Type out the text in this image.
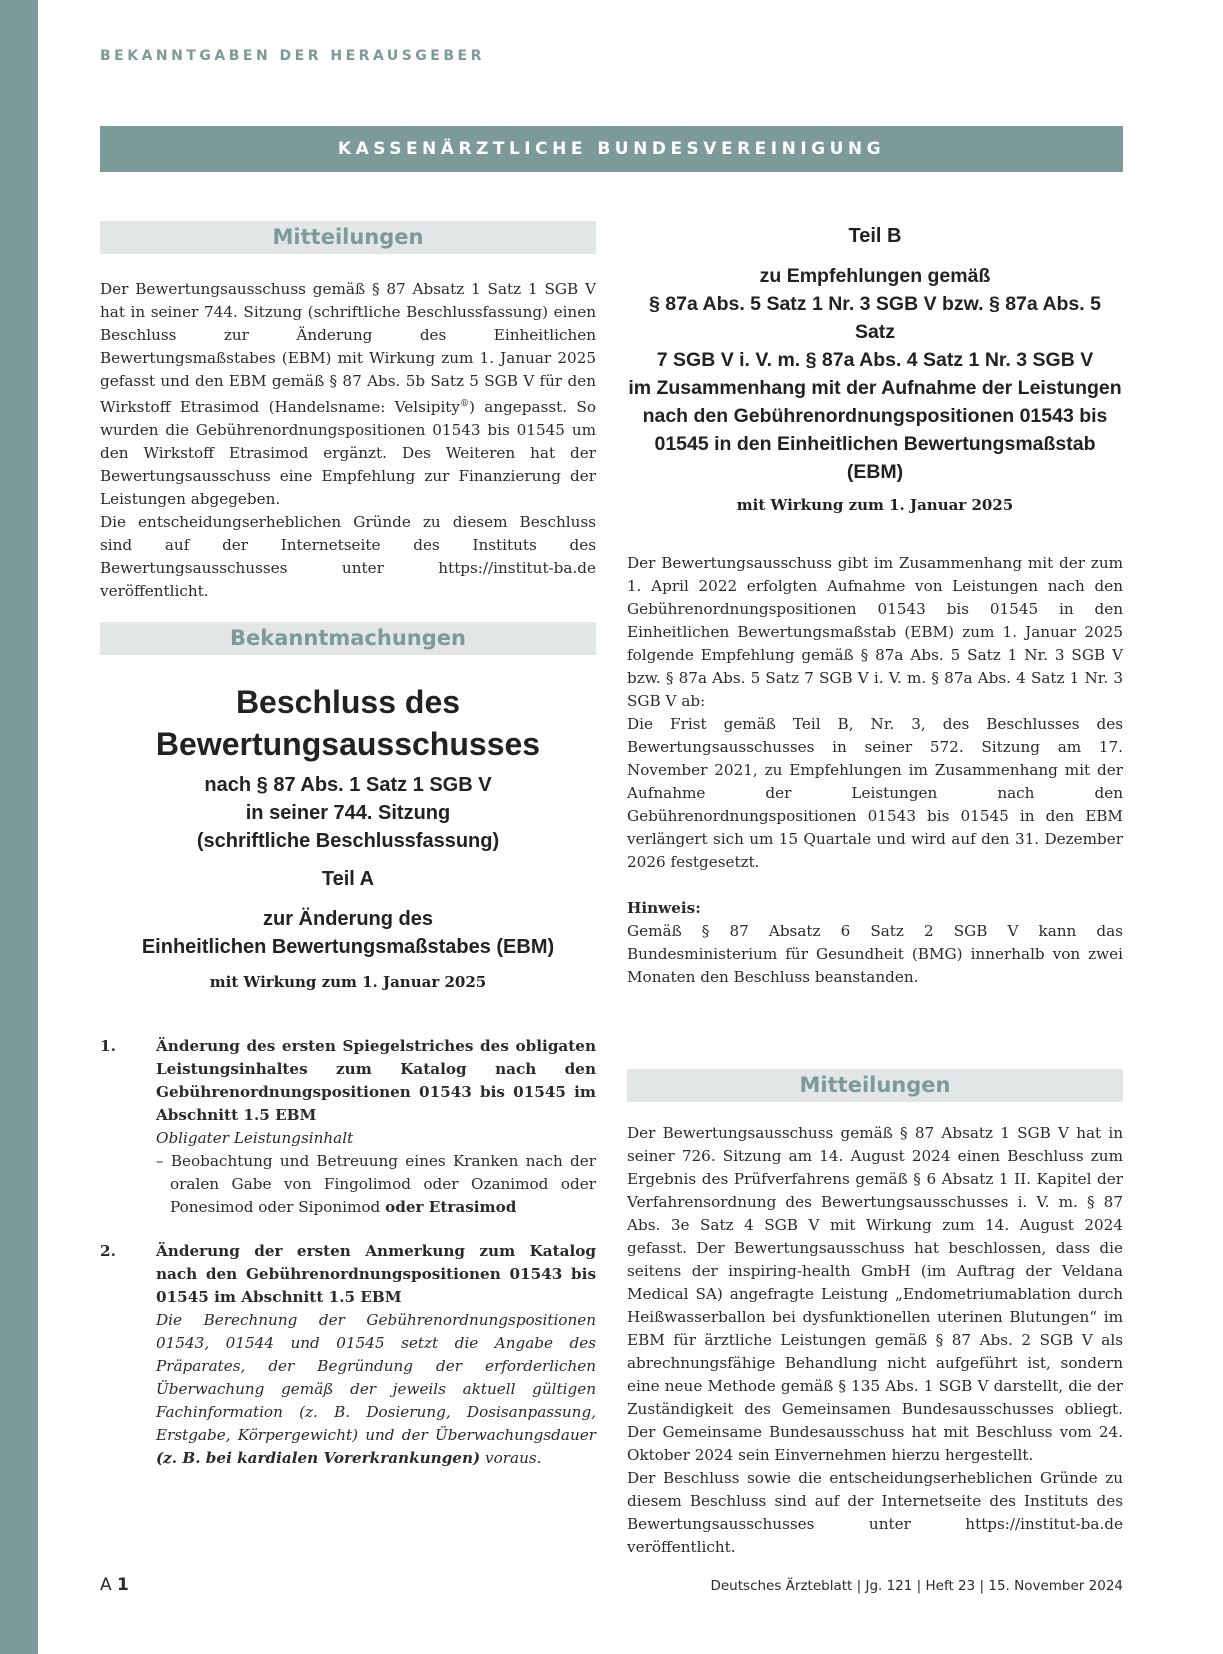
BEKANNTGABEN DER HERAUSGEBER
KASSENÄRZTLICHE BUNDESVEREINIGUNG
Mitteilungen

Der Bewertungsausschuss gemäß § 87 Absatz 1 Satz 1 SGB V hat in seiner 744. Sitzung (schriftliche Beschlussfassung) einen Beschluss zur Änderung des Einheitlichen Bewertungsmaßstabes (EBM) mit Wirkung zum 1. Januar 2025 gefasst und den EBM gemäß § 87 Abs. 5b Satz 5 SGB V für den Wirkstoff Etrasimod (Handelsname: Velsipity®) angepasst. So wurden die Gebührenordnungspositionen 01543 bis 01545 um den Wirkstoff Etrasimod ergänzt. Des Weiteren hat der Bewertungsausschuss eine Empfehlung zur Finanzierung der Leistungen abgegeben.

Die entscheidungserheblichen Gründe zu diesem Beschluss sind auf der Internetseite des Instituts des Bewertungsausschusses unter https://institut-ba.de veröffentlicht.

Bekanntmachungen
Beschluss des
Bewertungsausschusses
nach § 87 Abs. 1 Satz 1 SGB V
in seiner 744. Sitzung
(schriftliche Beschlussfassung)
Teil A
zur Änderung des
Einheitlichen Bewertungsmaßstabes (EBM)
mit Wirkung zum 1. Januar 2025
1.	Änderung des ersten Spiegelstriches des obligaten Leistungsinhaltes zum Katalog nach den Gebührenordnungspositionen 01543 bis 01545 im Abschnitt 1.5 EBM
Obligater Leistungsinhalt
– Beobachtung und Betreuung eines Kranken nach der oralen Gabe von Fingolimod oder Ozanimod oder Ponesimod oder Siponimod oder Etrasimod
2.	Änderung der ersten Anmerkung zum Katalog nach den Gebührenordnungspositionen 01543 bis 01545 im Abschnitt 1.5 EBM
Die Berechnung der Gebührenordnungspositionen 01543, 01544 und 01545 setzt die Angabe des Präparates, der Begründung der erforderlichen Überwachung gemäß der jeweils aktuell gültigen Fachinformation (z. B. Dosierung, Dosisanpassung, Erstgabe, Körpergewicht) und der Überwachungsdauer (z. B. bei kardialen Vorerkrankungen) voraus.
Teil B
zu Empfehlungen gemäß
§ 87a Abs. 5 Satz 1 Nr. 3 SGB V bzw. § 87a Abs. 5 Satz
7 SGB V i. V. m. § 87a Abs. 4 Satz 1 Nr. 3 SGB V
im Zusammenhang mit der Aufnahme der Leistungen
nach den Gebührenordnungspositionen 01543 bis
01545 in den Einheitlichen Bewertungsmaßstab (EBM)
mit Wirkung zum 1. Januar 2025

Der Bewertungsausschuss gibt im Zusammenhang mit der zum 1. April 2022 erfolgten Aufnahme von Leistungen nach den Gebührenordnungspositionen 01543 bis 01545 in den Einheitlichen Bewertungsmaßstab (EBM) zum 1. Januar 2025 folgende Empfehlung gemäß § 87a Abs. 5 Satz 1 Nr. 3 SGB V bzw. § 87a Abs. 5 Satz 7 SGB V i. V. m. § 87a Abs. 4 Satz 1 Nr. 3 SGB V ab:

Die Frist gemäß Teil B, Nr. 3, des Beschlusses des Bewertungsausschusses in seiner 572. Sitzung am 17. November 2021, zu Empfehlungen im Zusammenhang mit der Aufnahme der Leistungen nach den Gebührenordnungspositionen 01543 bis 01545 in den EBM verlängert sich um 15 Quartale und wird auf den 31. Dezember 2026 festgesetzt.

Hinweis:

Gemäß § 87 Absatz 6 Satz 2 SGB V kann das Bundesministerium für Gesundheit (BMG) innerhalb von zwei Monaten den Beschluss beanstanden.

Mitteilungen

Der Bewertungsausschuss gemäß § 87 Absatz 1 SGB V hat in seiner 726. Sitzung am 14. August 2024 einen Beschluss zum Ergebnis des Prüfverfahrens gemäß § 6 Absatz 1 II. Kapitel der Verfahrensordnung des Bewertungsausschusses i. V. m. § 87 Abs. 3e Satz 4 SGB V mit Wirkung zum 14. August 2024 gefasst. Der Bewertungsausschuss hat beschlossen, dass die seitens der inspiring-health GmbH (im Auftrag der Veldana Medical SA) angefragte Leistung „Endometriumablation durch Heißwasserballon bei dysfunktionellen uterinen Blutungen“ im EBM für ärztliche Leistungen gemäß § 87 Abs. 2 SGB V als abrechnungsfähige Behandlung nicht aufgeführt ist, sondern eine neue Methode gemäß § 135 Abs. 1 SGB V darstellt, die der Zuständigkeit des Gemeinsamen Bundesausschusses obliegt. Der Gemeinsame Bundesausschuss hat mit Beschluss vom 24. Oktober 2024 sein Einvernehmen hierzu hergestellt.

Der Beschluss sowie die entscheidungserheblichen Gründe zu diesem Beschluss sind auf der Internetseite des Instituts des Bewertungsausschusses unter https://institut-ba.de veröffentlicht.

A 1	Deutsches Ärzteblatt | Jg. 121 | Heft 23 | 15. November 2024
